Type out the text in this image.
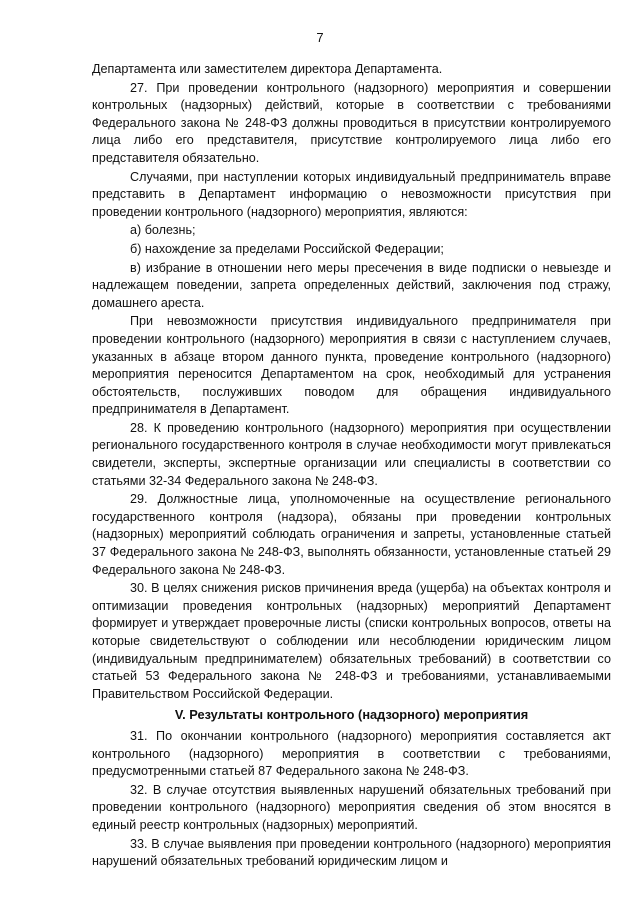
7

Департамента или заместителем директора Департамента.

27. При проведении контрольного (надзорного) мероприятия и совершении контрольных (надзорных) действий, которые в соответствии с требованиями Федерального закона № 248-ФЗ должны проводиться в присутствии контролируемого лица либо его представителя, присутствие контролируемого лица либо его представителя обязательно.

Случаями, при наступлении которых индивидуальный предприниматель вправе представить в Департамент информацию о невозможности присутствия при проведении контрольного (надзорного) мероприятия, являются:

а) болезнь;

б) нахождение за пределами Российской Федерации;

в) избрание в отношении него меры пресечения в виде подписки о невыезде и надлежащем поведении, запрета определенных действий, заключения под стражу, домашнего ареста.

При невозможности присутствия индивидуального предпринимателя при проведении контрольного (надзорного) мероприятия в связи с наступлением случаев, указанных в абзаце втором данного пункта, проведение контрольного (надзорного) мероприятия переносится Департаментом на срок, необходимый для устранения обстоятельств, послуживших поводом для обращения индивидуального предпринимателя в Департамент.

28. К проведению контрольного (надзорного) мероприятия при осуществлении регионального государственного контроля в случае необходимости могут привлекаться свидетели, эксперты, экспертные организации или специалисты в соответствии со статьями 32-34 Федерального закона № 248-ФЗ.

29. Должностные лица, уполномоченные на осуществление регионального государственного контроля (надзора), обязаны при проведении контрольных (надзорных) мероприятий соблюдать ограничения и запреты, установленные статьей 37 Федерального закона № 248-ФЗ, выполнять обязанности, установленные статьей 29 Федерального закона № 248-ФЗ.

30. В целях снижения рисков причинения вреда (ущерба) на объектах контроля и оптимизации проведения контрольных (надзорных) мероприятий Департамент формирует и утверждает проверочные листы (списки контрольных вопросов, ответы на которые свидетельствуют о соблюдении или несоблюдении юридическим лицом (индивидуальным предпринимателем) обязательных требований) в соответствии со статьей 53 Федерального закона № 248-ФЗ и требованиями, устанавливаемыми Правительством Российской Федерации.

V. Результаты контрольного (надзорного) мероприятия

31. По окончании контрольного (надзорного) мероприятия составляется акт контрольного (надзорного) мероприятия в соответствии с требованиями, предусмотренными статьей 87 Федерального закона № 248-ФЗ.

32. В случае отсутствия выявленных нарушений обязательных требований при проведении контрольного (надзорного) мероприятия сведения об этом вносятся в единый реестр контрольных (надзорных) мероприятий.

33. В случае выявления при проведении контрольного (надзорного) мероприятия нарушений обязательных требований юридическим лицом и
